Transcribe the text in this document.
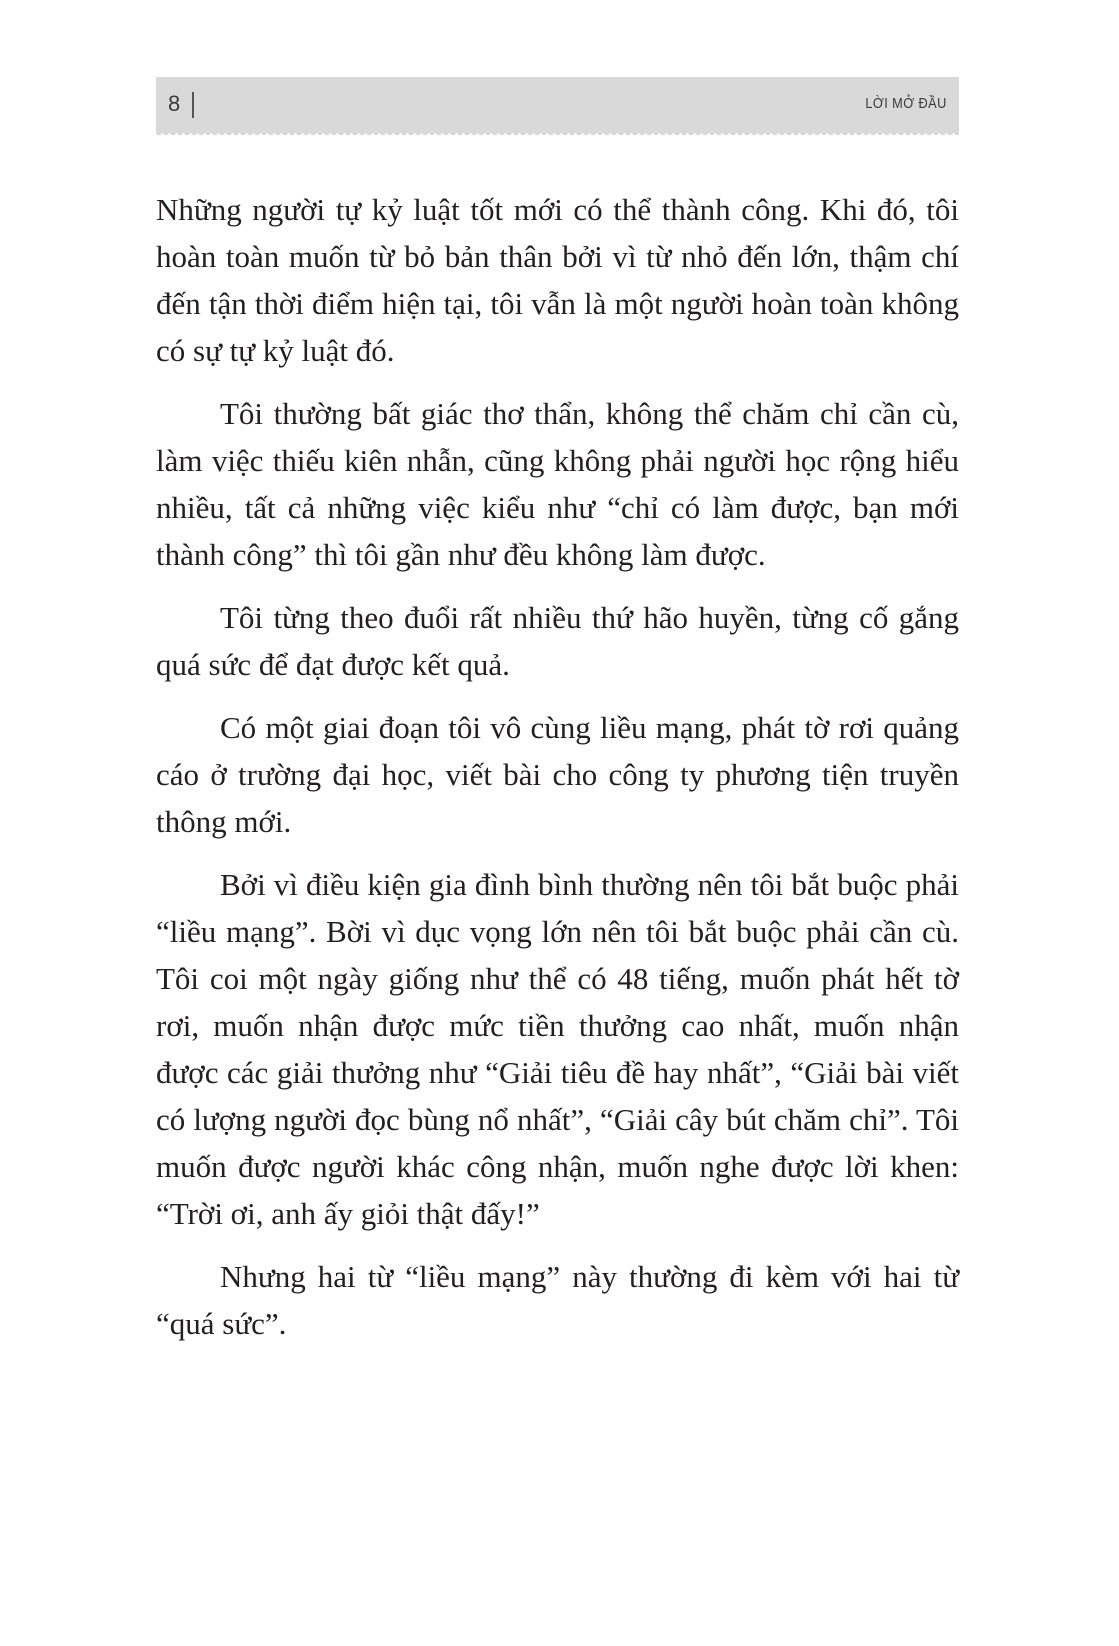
8	LỜI MỞ ĐẦU

Những người tự kỷ luật tốt mới có thể thành công. Khi đó, tôi hoàn toàn muốn từ bỏ bản thân bởi vì từ nhỏ đến lớn, thậm chí đến tận thời điểm hiện tại, tôi vẫn là một người hoàn toàn không có sự tự kỷ luật đó.

Tôi thường bất giác thơ thẩn, không thể chăm chỉ cần cù, làm việc thiếu kiên nhẫn, cũng không phải người học rộng hiểu nhiều, tất cả những việc kiểu như “chỉ có làm được, bạn mới thành công” thì tôi gần như đều không làm được.

Tôi từng theo đuổi rất nhiều thứ hão huyền, từng cố gắng quá sức để đạt được kết quả.

Có một giai đoạn tôi vô cùng liều mạng, phát tờ rơi quảng cáo ở trường đại học, viết bài cho công ty phương tiện truyền thông mới.

Bởi vì điều kiện gia đình bình thường nên tôi bắt buộc phải “liều mạng”. Bời vì dục vọng lớn nên tôi bắt buộc phải cần cù. Tôi coi một ngày giống như thể có 48 tiếng, muốn phát hết tờ rơi, muốn nhận được mức tiền thưởng cao nhất, muốn nhận được các giải thưởng như “Giải tiêu đề hay nhất”, “Giải bài viết có lượng người đọc bùng nổ nhất”, “Giải cây bút chăm chỉ”. Tôi muốn được người khác công nhận, muốn nghe được lời khen: “Trời ơi, anh ấy giỏi thật đấy!”

Nhưng hai từ “liều mạng” này thường đi kèm với hai từ “quá sức”.
